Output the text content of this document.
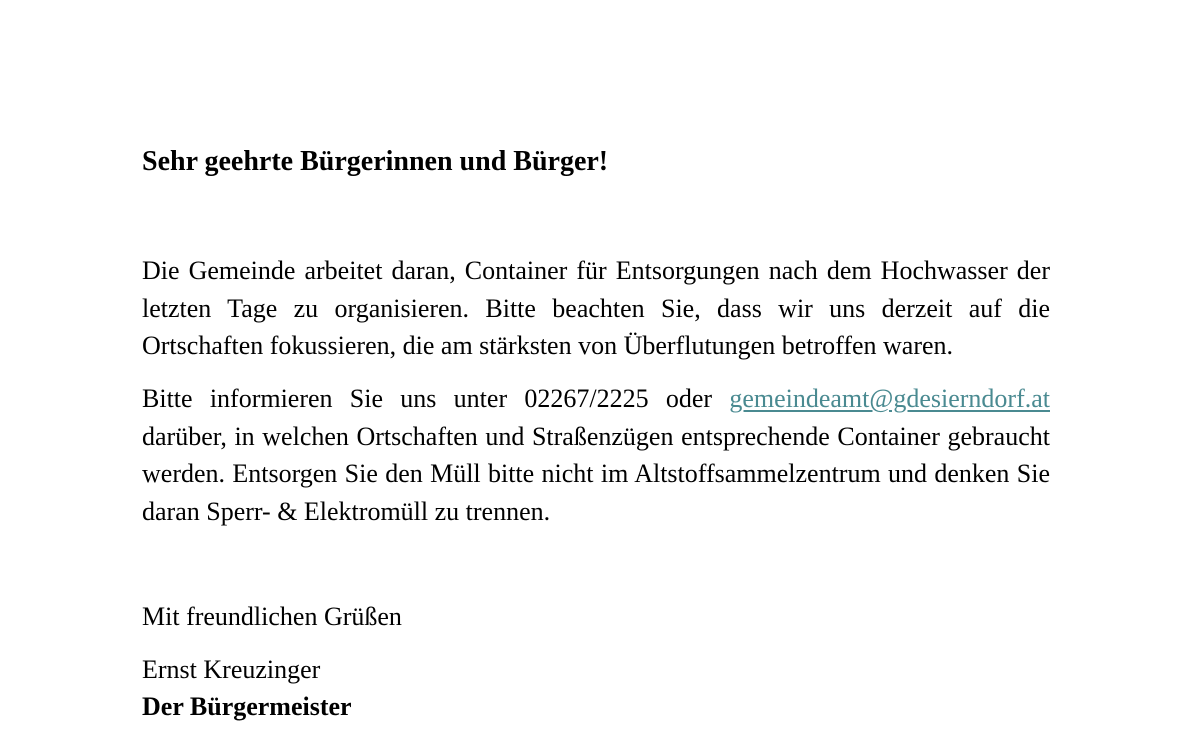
Sehr geehrte Bürgerinnen und Bürger!

Die Gemeinde arbeitet daran, Container für Entsorgungen nach dem Hochwasser der letzten Tage zu organisieren. Bitte beachten Sie, dass wir uns derzeit auf die Ortschaften fokussieren, die am stärksten von Überflutungen betroffen waren.

Bitte informieren Sie uns unter 02267/2225 oder gemeindeamt@gdesierndorf.at darüber, in welchen Ortschaften und Straßenzügen entsprechende Container gebraucht werden. Entsorgen Sie den Müll bitte nicht im Altstoffsammelzentrum und denken Sie daran Sperr- & Elektromüll zu trennen.

Mit freundlichen Grüßen

Ernst Kreuzinger

Der Bürgermeister
